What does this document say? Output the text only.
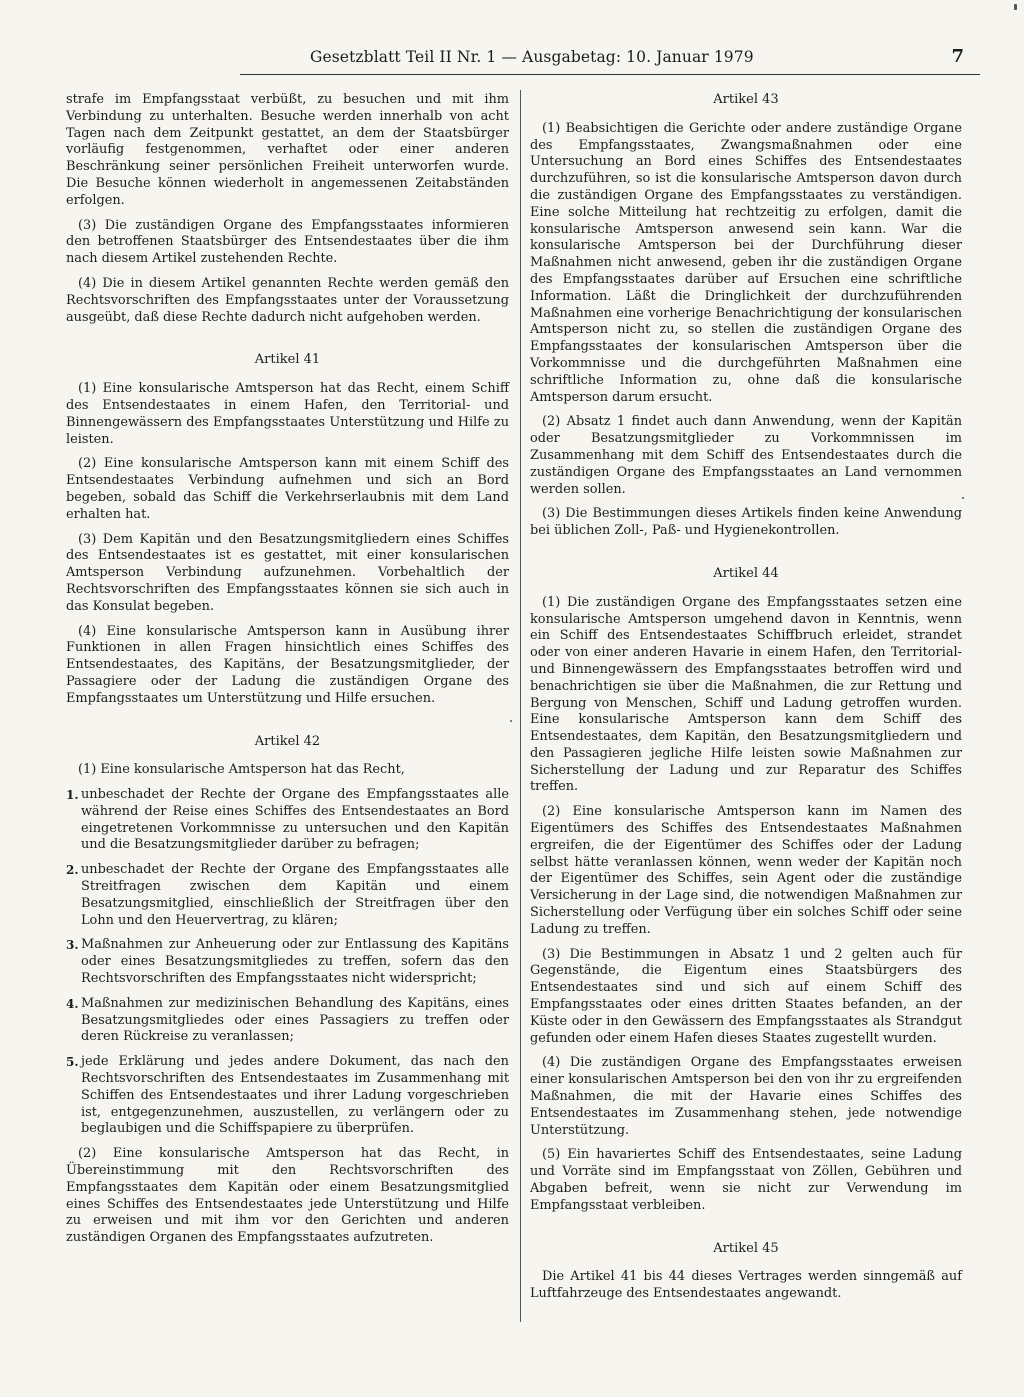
Gesetzblatt Teil II Nr. 1 — Ausgabetag: 10. Januar 1979	7

strafe im Empfangsstaat verbüßt, zu besuchen und mit ihm Verbindung zu unterhalten. Besuche werden innerhalb von acht Tagen nach dem Zeitpunkt gestattet, an dem der Staatsbürger vorläufig festgenommen, verhaftet oder einer anderen Beschränkung seiner persönlichen Freiheit unterworfen wurde. Die Besuche können wiederholt in angemessenen Zeitabständen erfolgen.

(3) Die zuständigen Organe des Empfangsstaates informieren den betroffenen Staatsbürger des Entsendestaates über die ihm nach diesem Artikel zustehenden Rechte.

(4) Die in diesem Artikel genannten Rechte werden gemäß den Rechtsvorschriften des Empfangsstaates unter der Voraussetzung ausgeübt, daß diese Rechte dadurch nicht aufgehoben werden.

Artikel 41

(1) Eine konsularische Amtsperson hat das Recht, einem Schiff des Entsendestaates in einem Hafen, den Territorial- und Binnengewässern des Empfangsstaates Unterstützung und Hilfe zu leisten.

(2) Eine konsularische Amtsperson kann mit einem Schiff des Entsendestaates Verbindung aufnehmen und sich an Bord begeben, sobald das Schiff die Verkehrserlaubnis mit dem Land erhalten hat.

(3) Dem Kapitän und den Besatzungsmitgliedern eines Schiffes des Entsendestaates ist es gestattet, mit einer konsularischen Amtsperson Verbindung aufzunehmen. Vorbehaltlich der Rechtsvorschriften des Empfangsstaates können sie sich auch in das Konsulat begeben.

(4) Eine konsularische Amtsperson kann in Ausübung ihrer Funktionen in allen Fragen hinsichtlich eines Schiffes des Entsendestaates, des Kapitäns, der Besatzungsmitglieder, der Passagiere oder der Ladung die zuständigen Organe des Empfangsstaates um Unterstützung und Hilfe ersuchen.

Artikel 42

(1) Eine konsularische Amtsperson hat das Recht,

1. unbeschadet der Rechte der Organe des Empfangsstaates alle während der Reise eines Schiffes des Entsendestaates an Bord eingetretenen Vorkommnisse zu untersuchen und den Kapitän und die Besatzungsmitglieder darüber zu befragen;
2. unbeschadet der Rechte der Organe des Empfangsstaates alle Streitfragen zwischen dem Kapitän und einem Besatzungsmitglied, einschließlich der Streitfragen über den Lohn und den Heuervertrag, zu klären;
3. Maßnahmen zur Anheuerung oder zur Entlassung des Kapitäns oder eines Besatzungsmitgliedes zu treffen, sofern das den Rechtsvorschriften des Empfangsstaates nicht widerspricht;
4. Maßnahmen zur medizinischen Behandlung des Kapitäns, eines Besatzungsmitgliedes oder eines Passagiers zu treffen oder deren Rückreise zu veranlassen;
5. jede Erklärung und jedes andere Dokument, das nach den Rechtsvorschriften des Entsendestaates im Zusammenhang mit Schiffen des Entsendestaates und ihrer Ladung vorgeschrieben ist, entgegenzunehmen, auszustellen, zu verlängern oder zu beglaubigen und die Schiffspapiere zu überprüfen.

(2) Eine konsularische Amtsperson hat das Recht, in Übereinstimmung mit den Rechtsvorschriften des Empfangsstaates dem Kapitän oder einem Besatzungsmitglied eines Schiffes des Entsendestaates jede Unterstützung und Hilfe zu erweisen und mit ihm vor den Gerichten und anderen zuständigen Organen des Empfangsstaates aufzutreten.

Artikel 43

(1) Beabsichtigen die Gerichte oder andere zuständige Organe des Empfangsstaates, Zwangsmaßnahmen oder eine Untersuchung an Bord eines Schiffes des Entsendestaates durchzuführen, so ist die konsularische Amtsperson davon durch die zuständigen Organe des Empfangsstaates zu verständigen. Eine solche Mitteilung hat rechtzeitig zu erfolgen, damit die konsularische Amtsperson anwesend sein kann. War die konsularische Amtsperson bei der Durchführung dieser Maßnahmen nicht anwesend, geben ihr die zuständigen Organe des Empfangsstaates darüber auf Ersuchen eine schriftliche Information. Läßt die Dringlichkeit der durchzuführenden Maßnahmen eine vorherige Benachrichtigung der konsularischen Amtsperson nicht zu, so stellen die zuständigen Organe des Empfangsstaates der konsularischen Amtsperson über die Vorkommnisse und die durchgeführten Maßnahmen eine schriftliche Information zu, ohne daß die konsularische Amtsperson darum ersucht.

(2) Absatz 1 findet auch dann Anwendung, wenn der Kapitän oder Besatzungsmitglieder zu Vorkommnissen im Zusammenhang mit dem Schiff des Entsendestaates durch die zuständigen Organe des Empfangsstaates an Land vernommen werden sollen.

(3) Die Bestimmungen dieses Artikels finden keine Anwendung bei üblichen Zoll-, Paß- und Hygienekontrollen.

Artikel 44

(1) Die zuständigen Organe des Empfangsstaates setzen eine konsularische Amtsperson umgehend davon in Kenntnis, wenn ein Schiff des Entsendestaates Schiffbruch erleidet, strandet oder von einer anderen Havarie in einem Hafen, den Territorial- und Binnengewässern des Empfangsstaates betroffen wird und benachrichtigen sie über die Maßnahmen, die zur Rettung und Bergung von Menschen, Schiff und Ladung getroffen wurden. Eine konsularische Amtsperson kann dem Schiff des Entsendestaates, dem Kapitän, den Besatzungsmitgliedern und den Passagieren jegliche Hilfe leisten sowie Maßnahmen zur Sicherstellung der Ladung und zur Reparatur des Schiffes treffen.

(2) Eine konsularische Amtsperson kann im Namen des Eigentümers des Schiffes des Entsendestaates Maßnahmen ergreifen, die der Eigentümer des Schiffes oder der Ladung selbst hätte veranlassen können, wenn weder der Kapitän noch der Eigentümer des Schiffes, sein Agent oder die zuständige Versicherung in der Lage sind, die notwendigen Maßnahmen zur Sicherstellung oder Verfügung über ein solches Schiff oder seine Ladung zu treffen.

(3) Die Bestimmungen in Absatz 1 und 2 gelten auch für Gegenstände, die Eigentum eines Staatsbürgers des Entsendestaates sind und sich auf einem Schiff des Empfangsstaates oder eines dritten Staates befanden, an der Küste oder in den Gewässern des Empfangsstaates als Strandgut gefunden oder einem Hafen dieses Staates zugestellt wurden.

(4) Die zuständigen Organe des Empfangsstaates erweisen einer konsularischen Amtsperson bei den von ihr zu ergreifenden Maßnahmen, die mit der Havarie eines Schiffes des Entsendestaates im Zusammenhang stehen, jede notwendige Unterstützung.

(5) Ein havariertes Schiff des Entsendestaates, seine Ladung und Vorräte sind im Empfangsstaat von Zöllen, Gebühren und Abgaben befreit, wenn sie nicht zur Verwendung im Empfangsstaat verbleiben.

Artikel 45

Die Artikel 41 bis 44 dieses Vertrages werden sinngemäß auf Luftfahrzeuge des Entsendestaates angewandt.
